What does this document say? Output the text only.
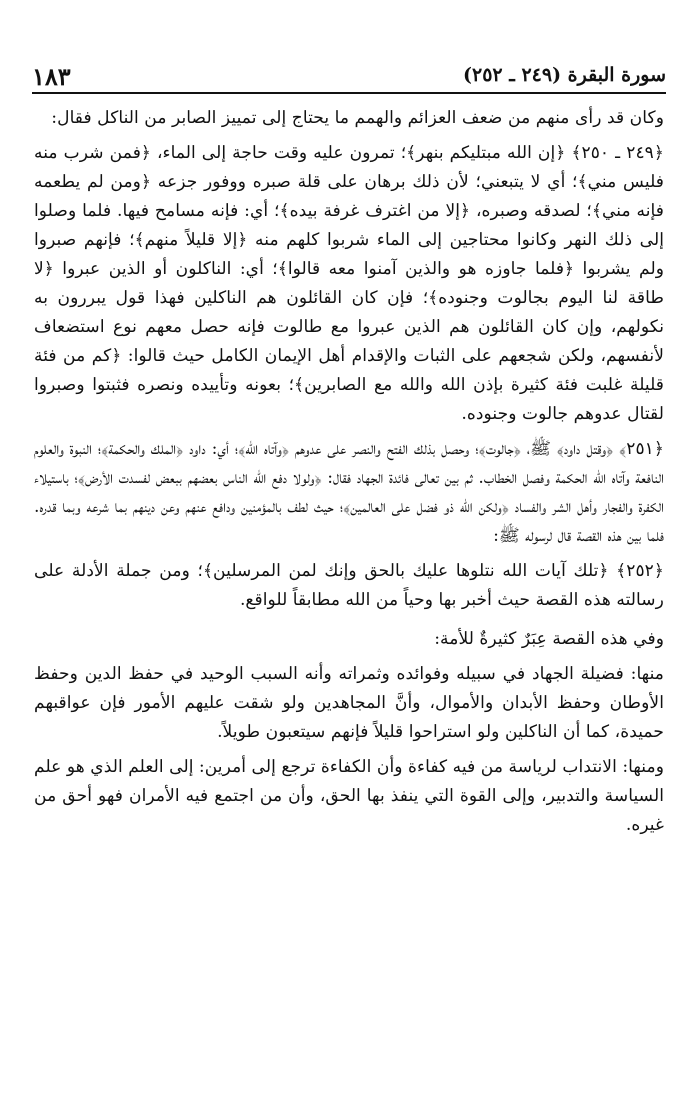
١٨٣	سورة البقرة (٢٤٩ ـ ٢٥٢)

وكان قد رأى منهم من ضعف العزائم والهمم ما يحتاج إلى تمييز الصابر من الناكل فقال:

﴿٢٤٩ ـ ٢٥٠﴾ ﴿إن الله مبتليكم بنهر﴾؛ تمرون عليه وقت حاجة إلى الماء، ﴿فمن شرب منه فليس مني﴾؛ أي لا يتبعني؛ لأن ذلك برهان على قلة صبره ووفور جزعه ﴿ومن لم يطعمه فإنه مني﴾؛ لصدقه وصبره، ﴿إلا من اغترف غرفة بيده﴾؛ أي: فإنه مسامح فيها. فلما وصلوا إلى ذلك النهر وكانوا محتاجين إلى الماء شربوا كلهم منه ﴿إلا قليلاً منهم﴾؛ فإنهم صبروا ولم يشربوا ﴿فلما جاوزه هو والذين آمنوا معه قالوا﴾؛ أي: الناكلون أو الذين عبروا ﴿لا طاقة لنا اليوم بجالوت وجنوده﴾؛ فإن كان القائلون هم الناكلين فهذا قول يبررون به نكولهم، وإن كان القائلون هم الذين عبروا مع طالوت فإنه حصل معهم نوع استضعاف لأنفسهم، ولكن شجعهم على الثبات والإقدام أهل الإيمان الكامل حيث قالوا: ﴿كم من فئة قليلة غلبت فئة كثيرة بإذن الله والله مع الصابرين﴾؛ بعونه وتأييده ونصره فثبتوا وصبروا لقتال عدوهم جالوت وجنوده.

﴿٢٥١﴾ ﴿وقتل داود﴾ ﷺ، ﴿جالوت﴾؛ وحصل بذلك الفتح والنصر على عدوهم ﴿وآتاه الله﴾؛ أي: داود ﴿الملك والحكمة﴾؛ النبوة والعلوم النافعة وآتاه الله الحكمة وفصل الخطاب. ثم بين تعالى فائدة الجهاد فقال: ﴿ولولا دفع الله الناس بعضهم ببعض لفسدت الأرض﴾؛ باستيلاء الكفرة والفجار وأهل الشر والفساد ﴿ولكن الله ذو فضل على العالمين﴾؛ حيث لطف بالمؤمنين ودافع عنهم وعن دينهم بما شرعه وبما قدره. فلما بين هذه القصة قال لرسوله ﷺ:

﴿٢٥٢﴾ ﴿تلك آيات الله نتلوها عليك بالحق وإنك لمن المرسلين﴾؛ ومن جملة الأدلة على رسالته هذه القصة حيث أخبر بها وحياً من الله مطابقاً للواقع.

وفي هذه القصة عِبَرٌ كثيرةٌ للأمة:

منها: فضيلة الجهاد في سبيله وفوائده وثمراته وأنه السبب الوحيد في حفظ الدين وحفظ الأوطان وحفظ الأبدان والأموال، وأنَّ المجاهدين ولو شقت عليهم الأمور فإن عواقبهم حميدة، كما أن الناكلين ولو استراحوا قليلاً فإنهم سيتعبون طويلاً.

ومنها: الانتداب لرياسة من فيه كفاءة وأن الكفاءة ترجع إلى أمرين: إلى العلم الذي هو علم السياسة والتدبير، وإلى القوة التي ينفذ بها الحق، وأن من اجتمع فيه الأمران فهو أحق من غيره.
